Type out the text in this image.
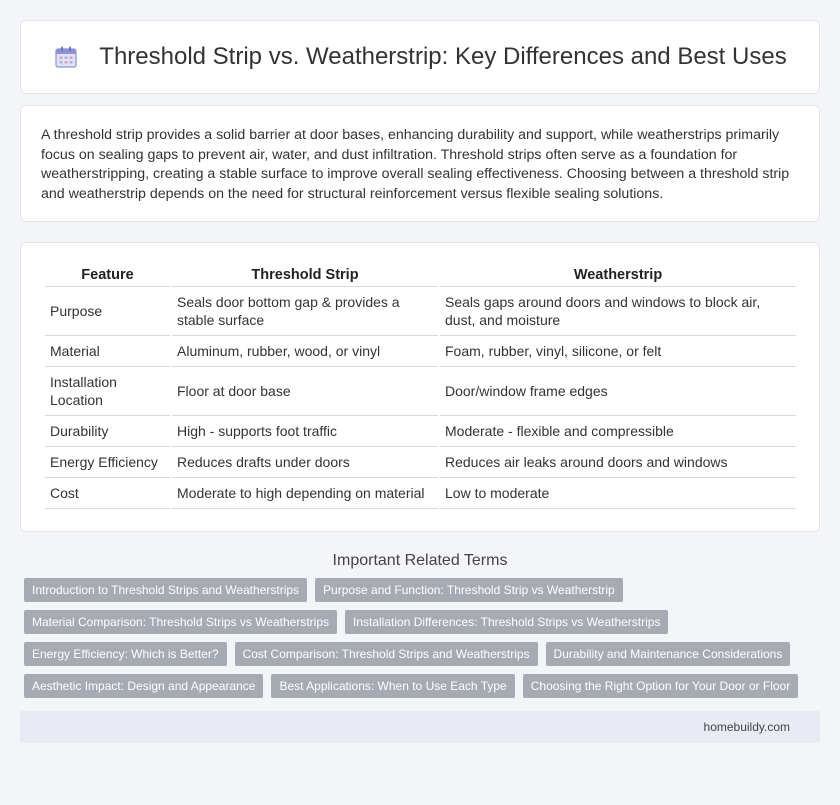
Threshold Strip vs. Weatherstrip: Key Differences and Best Uses

A threshold strip provides a solid barrier at door bases, enhancing durability and support, while weatherstrips primarily focus on sealing gaps to prevent air, water, and dust infiltration. Threshold strips often serve as a foundation for weatherstripping, creating a stable surface to improve overall sealing effectiveness. Choosing between a threshold strip and weatherstrip depends on the need for structural reinforcement versus flexible sealing solutions.

Feature	Threshold Strip	Weatherstrip
Purpose	Seals door bottom gap & provides a stable surface	Seals gaps around doors and windows to block air, dust, and moisture
Material	Aluminum, rubber, wood, or vinyl	Foam, rubber, vinyl, silicone, or felt
Installation Location	Floor at door base	Door/window frame edges
Durability	High - supports foot traffic	Moderate - flexible and compressible
Energy Efficiency	Reduces drafts under doors	Reduces air leaks around doors and windows
Cost	Moderate to high depending on material	Low to moderate
Important Related Terms
Introduction to Threshold Strips and Weatherstrips	Purpose and Function: Threshold Strip vs Weatherstrip
Material Comparison: Threshold Strips vs Weatherstrips	Installation Differences: Threshold Strips vs Weatherstrips
Energy Efficiency: Which is Better?	Cost Comparison: Threshold Strips and Weatherstrips	Durability and Maintenance Considerations
Aesthetic Impact: Design and Appearance	Best Applications: When to Use Each Type	Choosing the Right Option for Your Door or Floor
homebuildy.com
